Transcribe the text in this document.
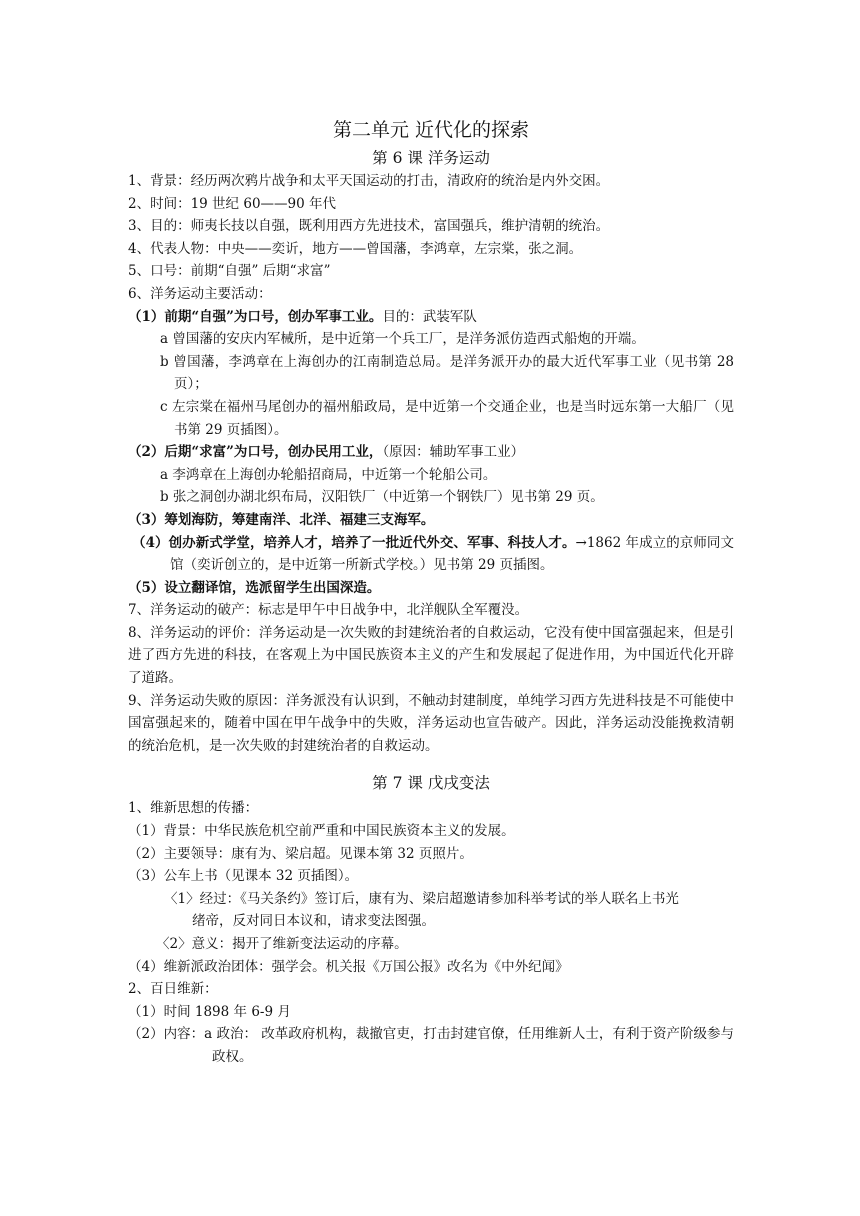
第二单元 近代化的探索
第 6 课 洋务运动
1、背景：经历两次鸦片战争和太平天国运动的打击，清政府的统治是内外交困。
2、时间：19 世纪 60——90 年代
3、目的：师夷长技以自强，既利用西方先进技术，富国强兵，维护清朝的统治。
4、代表人物：中央——奕䜣，地方——曾国藩，李鸿章，左宗棠，张之洞。
5、口号：前期“自强” 后期“求富”
6、洋务运动主要活动：
（1）前期“自强”为口号，创办军事工业。目的：武装军队
a 曾国藩的安庆内军械所，是中近第一个兵工厂，是洋务派仿造西式船炮的开端。
b 曾国藩，李鸿章在上海创办的江南制造总局。是洋务派开办的最大近代军事工业（见书第 28 页）；
c 左宗棠在福州马尾创办的福州船政局，是中近第一个交通企业，也是当时远东第一大船厂（见书第 29 页插图）。
（2）后期“求富”为口号，创办民用工业，（原因：辅助军事工业）
a 李鸿章在上海创办轮船招商局，中近第一个轮船公司。
b 张之洞创办湖北织布局，汉阳铁厂（中近第一个钢铁厂）见书第 29 页。
（3）筹划海防，筹建南洋、北洋、福建三支海军。
（4）创办新式学堂，培养人才，培养了一批近代外交、军事、科技人才。→1862 年成立的京师同文馆（奕䜣创立的，是中近第一所新式学校。）见书第 29 页插图。
（5）设立翻译馆，选派留学生出国深造。
7、洋务运动的破产：标志是甲午中日战争中，北洋舰队全军覆没。
8、洋务运动的评价：洋务运动是一次失败的封建统治者的自救运动，它没有使中国富强起来，但是引进了西方先进的科技，在客观上为中国民族资本主义的产生和发展起了促进作用，为中国近代化开辟了道路。
9、洋务运动失败的原因：洋务派没有认识到，不触动封建制度，单纯学习西方先进科技是不可能使中国富强起来的，随着中国在甲午战争中的失败，洋务运动也宣告破产。因此，洋务运动没能挽救清朝的统治危机，是一次失败的封建统治者的自救运动。
第 7 课 戊戌变法
1、维新思想的传播：
（1）背景：中华民族危机空前严重和中国民族资本主义的发展。
（2）主要领导：康有为、梁启超。见课本第 32 页照片。
（3）公车上书（见课本 32 页插图）。
〈1〉经过：《马关条约》签订后，康有为、梁启超邀请参加科举考试的举人联名上书光
绪帝，反对同日本议和，请求变法图强。
〈2〉意义：揭开了维新变法运动的序幕。
（4）维新派政治团体：强学会。机关报《万国公报》改名为《中外纪闻》
2、百日维新：
（1）时间 1898 年 6-9 月
（2）内容：a 政治： 改革政府机构，裁撤官吏，打击封建官僚，任用维新人士，有利于资产阶级参与政权。
